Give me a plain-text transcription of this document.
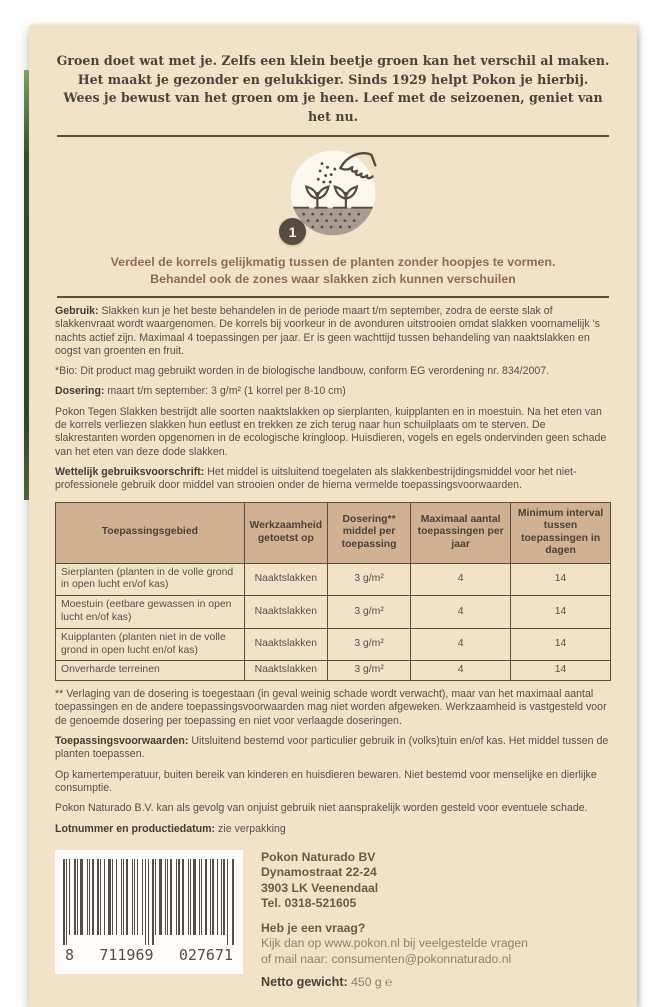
Groen doet wat met je. Zelfs een klein beetje groen kan het verschil al maken.
Het maakt je gezonder en gelukkiger. Sinds 1929 helpt Pokon je hierbij.
Wees je bewust van het groen om je heen. Leef met de seizoenen, geniet van het nu.
1
Verdeel de korrels gelijkmatig tussen de planten zonder hoopjes te vormen.
Behandel ook de zones waar slakken zich kunnen verschuilen

Gebruik: Slakken kun je het beste behandelen in de periode maart t/m september, zodra de eerste slak of slakkenvraat wordt waargenomen. De korrels bij voorkeur in de avonduren uitstrooien omdat slakken voornamelijk 's nachts actief zijn. Maximaal 4 toepassingen per jaar. Er is geen wachttijd tussen behandeling van naaktslakken en oogst van groenten en fruit.

*Bio: Dit product mag gebruikt worden in de biologische landbouw, conform EG verordening nr. 834/2007.

Dosering: maart t/m september: 3 g/m² (1 korrel per 8-10 cm)

Pokon Tegen Slakken bestrijdt alle soorten naaktslakken op sierplanten, kuipplanten en in moestuin. Na het eten van de korrels verliezen slakken hun eetlust en trekken ze zich terug naar hun schuilplaats om te sterven. De slakrestanten worden opgenomen in de ecologische kringloop. Huisdieren, vogels en egels ondervinden geen schade van het eten van deze dode slakken.

Wettelijk gebruiksvoorschrift: Het middel is uitsluitend toegelaten als slakkenbestrijdingsmiddel voor het niet-professionele gebruik door middel van strooien onder de hierna vermelde toepassingsvoorwaarden.

Toepassingsgebied	Werkzaamheid getoetst op	Dosering** middel per toepassing	Maximaal aantal toepassingen per jaar	Minimum interval tussen toepassingen in dagen
Sierplanten (planten in de volle grond in open lucht en/of kas)	Naaktslakken	3 g/m²	4	14
Moestuin (eetbare gewassen in open lucht en/of kas)	Naaktslakken	3 g/m²	4	14
Kuipplanten (planten niet in de volle grond in open lucht en/of kas)	Naaktslakken	3 g/m²	4	14
Onverharde terreinen	Naaktslakken	3 g/m²	4	14

** Verlaging van de dosering is toegestaan (in geval weinig schade wordt verwacht), maar van het maximaal aantal toepassingen en de andere toepassingsvoorwaarden mag niet worden afgeweken. Werkzaamheid is vastgesteld voor de genoemde dosering per toepassing en niet voor verlaagde doseringen.

Toepassingsvoorwaarden: Uitsluitend bestemd voor particulier gebruik in (volks)tuin en/of kas. Het middel tussen de planten toepassen.

Op kamertemperatuur, buiten bereik van kinderen en huisdieren bewaren. Niet bestemd voor menselijke en dierlijke consumptie.

Pokon Naturado B.V. kan als gevolg van onjuist gebruik niet aansprakelijk worden gesteld voor eventuele schade.

Lotnummer en productiedatum: zie verpakking

8 711969 027671
Pokon Naturado BV
Dynamostraat 22-24
3903 LK Veenendaal
Tel. 0318-521605
Heb je een vraag?
Kijk dan op www.pokon.nl bij veelgestelde vragen
of mail naar: consumenten@pokonnaturado.nl
Netto gewicht: 450 g ℮
